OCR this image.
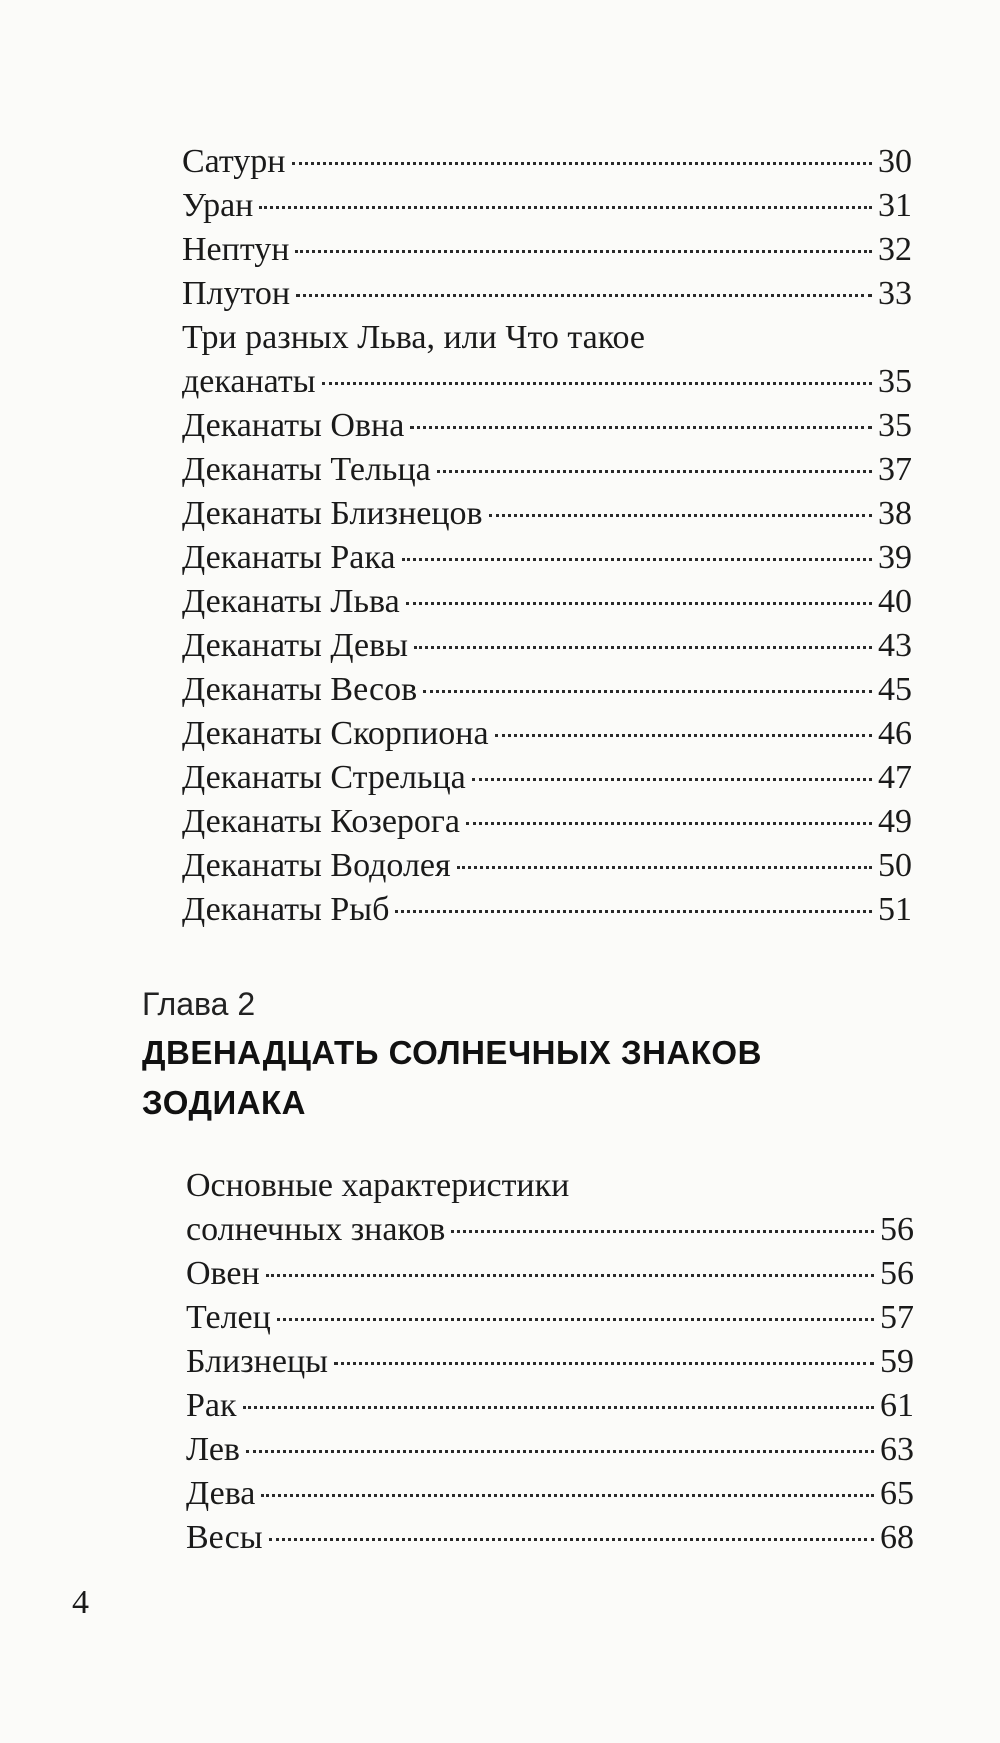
Сатурн	30
Уран	31
Нептун	32
Плутон	33
Три разных Льва, или Что такое
деканаты	35
Деканаты Овна	35
Деканаты Тельца	37
Деканаты Близнецов	38
Деканаты Рака	39
Деканаты Льва	40
Деканаты Девы	43
Деканаты Весов	45
Деканаты Скорпиона	46
Деканаты Стрельца	47
Деканаты Козерога	49
Деканаты Водолея	50
Деканаты Рыб	51
Глава 2
ДВЕНАДЦАТЬ СОЛНЕЧНЫХ ЗНАКОВ ЗОДИАКА
Основные характеристики
солнечных знаков	56
Овен	56
Телец	57
Близнецы	59
Рак	61
Лев	63
Дева	65
Весы	68
4
